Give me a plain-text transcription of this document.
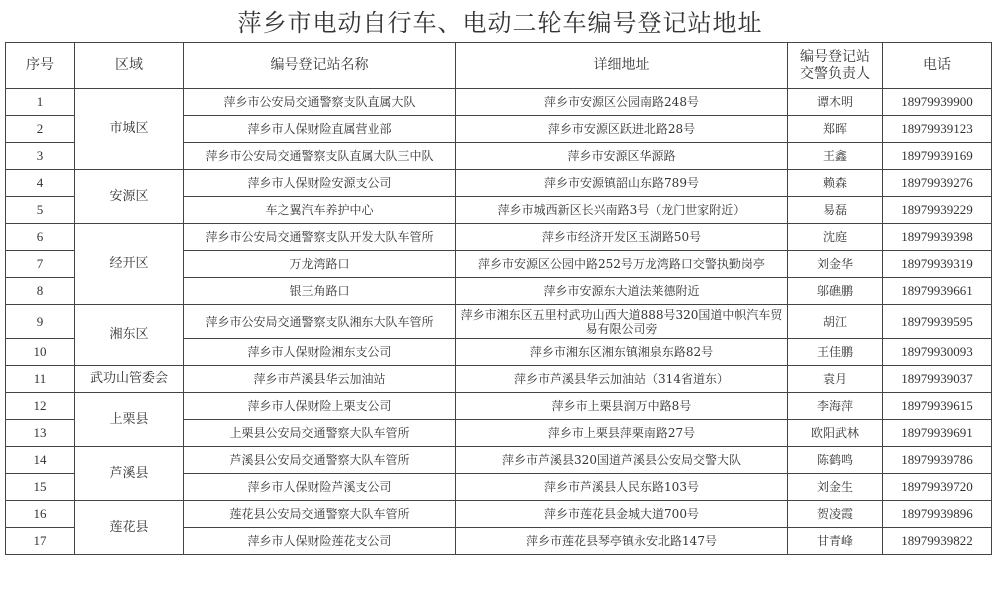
萍乡市电动自行车、电动二轮车编号登记站地址
序号	区域	编号登记站名称	详细地址	编号登记站交警负责人	电话
1	市城区	萍乡市公安局交通警察支队直属大队	萍乡市安源区公园南路248号	谭木明	18979939900
2		萍乡市人保财险直属营业部	萍乡市安源区跃进北路28号	郑晖	18979939123
3		萍乡市公安局交通警察支队直属大队三中队	萍乡市安源区华源路	王鑫	18979939169
4	安源区	萍乡市人保财险安源支公司	萍乡市安源镇韶山东路789号	赖森	18979939276
5		车之翼汽车养护中心	萍乡市城西新区长兴南路3号（龙门世家附近）	易磊	18979939229
6	经开区	萍乡市公安局交通警察支队开发大队车管所	萍乡市经济开发区玉湖路50号	沈庭	18979939398
7		万龙湾路口	萍乡市安源区公园中路252号万龙湾路口交警执勤岗亭	刘金华	18979939319
8		银三角路口	萍乡市安源东大道法莱德附近	邬礁鹏	18979939661
9	湘东区	萍乡市公安局交通警察支队湘东大队车管所	萍乡市湘东区五里村武功山西大道888号320国道中帜汽车贸易有限公司旁	胡江	18979939595
10		萍乡市人保财险湘东支公司	萍乡市湘东区湘东镇湘泉东路82号	王佳鹏	18979930093
11	武功山管委会	萍乡市芦溪县华云加油站	萍乡市芦溪县华云加油站（314省道东）	袁月	18979939037
12	上栗县	萍乡市人保财险上栗支公司	萍乡市上栗县润万中路8号	李海萍	18979939615
13		上栗县公安局交通警察大队车管所	萍乡市上栗县萍栗南路27号	欧阳武林	18979939691
14	芦溪县	芦溪县公安局交通警察大队车管所	萍乡市芦溪县320国道芦溪县公安局交警大队	陈鹤鸣	18979939786
15		萍乡市人保财险芦溪支公司	萍乡市芦溪县人民东路103号	刘金生	18979939720
16	莲花县	莲花县公安局交通警察大队车管所	萍乡市莲花县金城大道700号	贺凌霞	18979939896
17		萍乡市人保财险莲花支公司	萍乡市莲花县琴亭镇永安北路147号	甘青峰	18979939822
